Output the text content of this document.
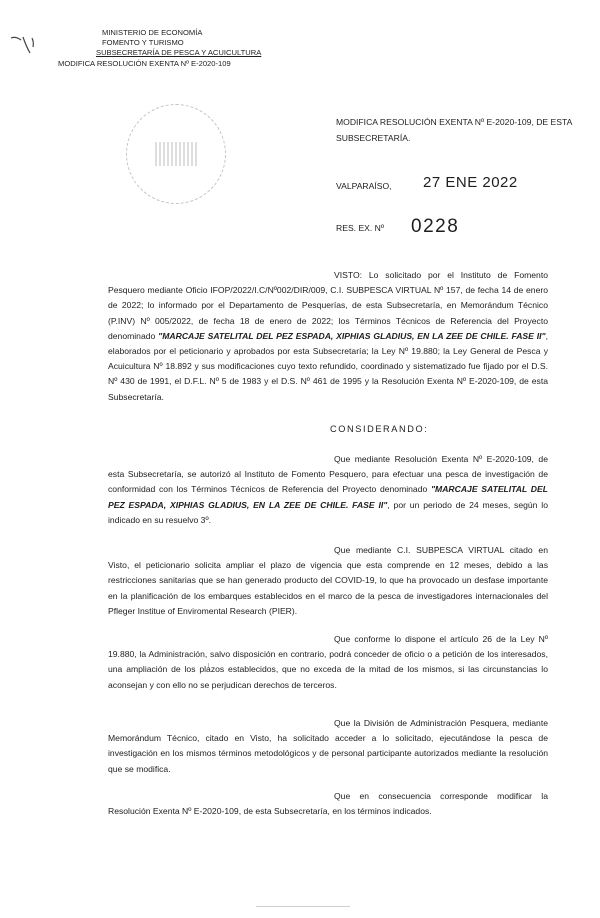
MINISTERIO DE ECONOMÍA
FOMENTO Y TURISMO
SUBSECRETARÍA DE PESCA Y ACUICULTURA
MODIFICA RESOLUCIÓN EXENTA Nº E-2020-109
MODIFICA RESOLUCIÓN EXENTA Nº E-2020-109, DE ESTA SUBSECRETARÍA.
VALPARAÍSO, 27 ENE 2022
RES. EX. Nº 0228

VISTO: Lo solicitado por el Instituto de Fomento Pesquero mediante Oficio IFOP/2022/I.C/Nº002/DIR/009, C.I. SUBPESCA VIRTUAL Nº 157, de fecha 14 de enero de 2022; lo informado por el Departamento de Pesquerías, de esta Subsecretaría, en Memorándum Técnico (P.INV) Nº 005/2022, de fecha 18 de enero de 2022; los Términos Técnicos de Referencia del Proyecto denominado "MARCAJE SATELITAL DEL PEZ ESPADA, XIPHIAS GLADIUS, EN LA ZEE DE CHILE. FASE II", elaborados por el peticionario y aprobados por esta Subsecretaría; la Ley Nº 19.880; la Ley General de Pesca y Acuicultura Nº 18.892 y sus modificaciones cuyo texto refundido, coordinado y sistematizado fue fijado por el D.S. Nº 430 de 1991, el D.F.L. Nº 5 de 1983 y el D.S. Nº 461 de 1995 y la Resolución Exenta Nº E-2020-109, de esta Subsecretaría.

CONSIDERANDO:

Que mediante Resolución Exenta Nº E-2020-109, de esta Subsecretaría, se autorizó al Instituto de Fomento Pesquero, para efectuar una pesca de investigación de conformidad con los Términos Técnicos de Referencia del Proyecto denominado "MARCAJE SATELITAL DEL PEZ ESPADA, XIPHIAS GLADIUS, EN LA ZEE DE CHILE. FASE II", por un periodo de 24 meses, según lo indicado en su resuelvo 3º.

Que mediante C.I. SUBPESCA VIRTUAL citado en Visto, el peticionario solicita ampliar el plazo de vigencia que esta comprende en 12 meses, debido a las restricciones sanitarias que se han generado producto del COVID-19, lo que ha provocado un desfase importante en la planificación de los embarques establecidos en el marco de la pesca de investigadores internacionales del Pfleger Institue of Enviromental Research (PIER).

Que conforme lo dispone el artículo 26 de la Ley Nº 19.880, la Administración, salvo disposición en contrario, podrá conceder de oficio o a petición de los interesados, una ampliación de los plazos establecidos, que no exceda de la mitad de los mismos, si las circunstancias lo aconsejan y con ello no se perjudican derechos de terceros.

Que la División de Administración Pesquera, mediante Memorándum Técnico, citado en Visto, ha solicitado acceder a lo solicitado, ejecutándose la pesca de investigación en los mismos términos metodológicos y de personal participante autorizados mediante la resolución que se modifica.

Que en consecuencia corresponde modificar la Resolución Exenta Nº E-2020-109, de esta Subsecretaría, en los términos indicados.
